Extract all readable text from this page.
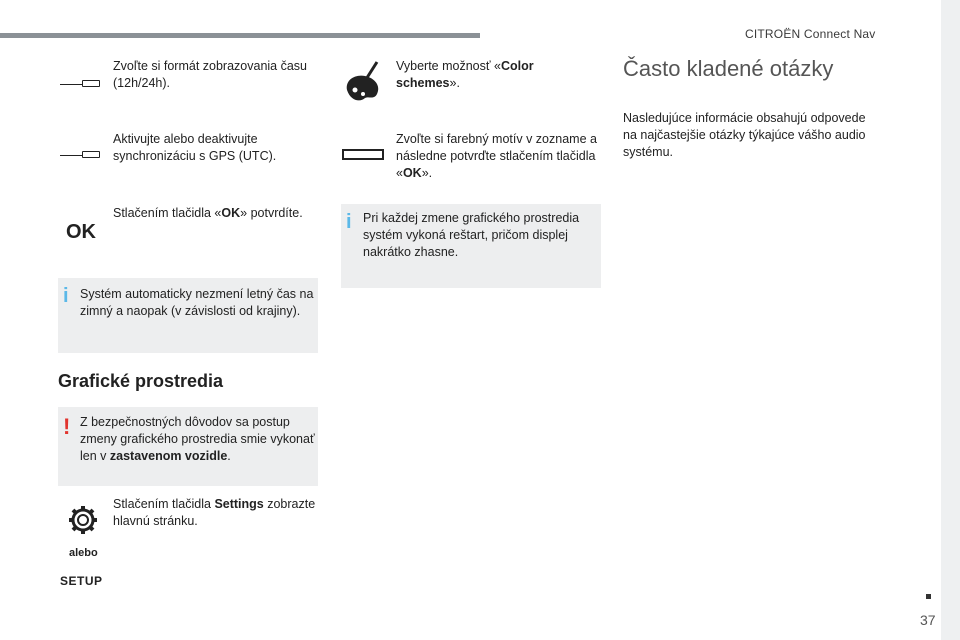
CITROËN Connect Nav
Zvoľte si formát zobrazovania času
(12h/24h).
Aktivujte alebo deaktivujte
synchronizáciu s GPS (UTC).
OK
Stlačením tlačidla «OK» potvrdíte.
i Systém automaticky nezmení letný čas na
zimný a naopak (v závislosti od krajiny).
Grafické prostredia
! Z bezpečnostných dôvodov sa postup
zmeny grafického prostredia smie vykonať
len v zastavenom vozidle.
alebo
SETUP
Stlačením tlačidla Settings zobrazte
hlavnú stránku.
Vyberte možnosť «Color
schemes».
Zvoľte si farebný motív v zozname a
následne potvrďte stlačením tlačidla
«OK».
i Pri každej zmene grafického prostredia
systém vykoná reštart, pričom displej
nakrátko zhasne.
Často kladené otázky
Nasledujúce informácie obsahujú odpovede
na najčastejšie otázky týkajúce vášho audio
systému.
37
